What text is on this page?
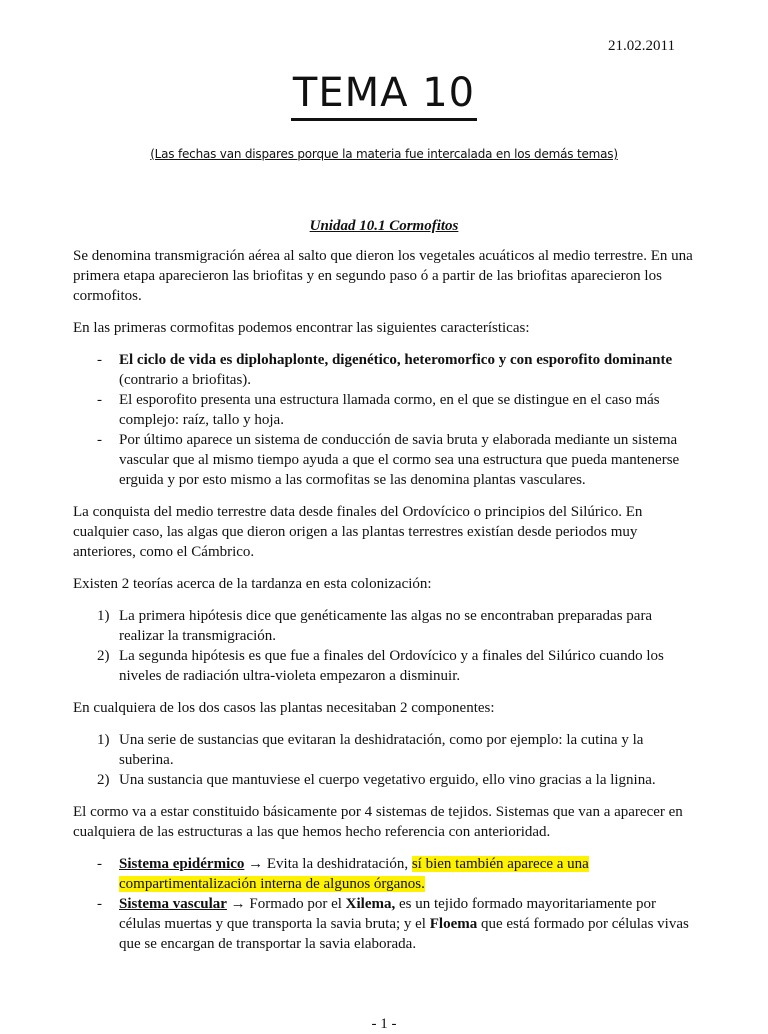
21.02.2011
TEMA 10
(Las fechas van dispares porque la materia fue intercalada en los demás temas)
Unidad 10.1 Cormofitos

Se denomina transmigración aérea al salto que dieron los vegetales acuáticos al medio terrestre. En una primera etapa aparecieron las briofitas y en segundo paso ó a partir de las briofitas aparecieron los cormofitos.

En las primeras cormofitas podemos encontrar las siguientes características:

- El ciclo de vida es diplohaplonte, digenético, heteromorfico y con esporofito dominante (contrario a briofitas).
- El esporofito presenta una estructura llamada cormo, en el que se distingue en el caso más complejo: raíz, tallo y hoja.
- Por último aparece un sistema de conducción de savia bruta y elaborada mediante un sistema vascular que al mismo tiempo ayuda a que el cormo sea una estructura que pueda mantenerse erguida y por esto mismo a las cormofitas se las denomina plantas vasculares.

La conquista del medio terrestre data desde finales del Ordovícico o principios del Silúrico. En cualquier caso, las algas que dieron origen a las plantas terrestres existían desde periodos muy anteriores, como el Cámbrico.

Existen 2 teorías acerca de la tardanza en esta colonización:

1) La primera hipótesis dice que genéticamente las algas no se encontraban preparadas para realizar la transmigración.
2) La segunda hipótesis es que fue a finales del Ordovícico y a finales del Silúrico cuando los niveles de radiación ultra-violeta empezaron a disminuir.

En cualquiera de los dos casos las plantas necesitaban 2 componentes:

1) Una serie de sustancias que evitaran la deshidratación, como por ejemplo: la cutina y la suberina.
2) Una sustancia que mantuviese el cuerpo vegetativo erguido, ello vino gracias a la lignina.

El cormo va a estar constituido básicamente por 4 sistemas de tejidos. Sistemas que van a aparecer en cualquiera de las estructuras a las que hemos hecho referencia con anterioridad.

- Sistema epidérmico → Evita la deshidratación, sí bien también aparece a una compartimentalización interna de algunos órganos.
- Sistema vascular → Formado por el Xilema, es un tejido formado mayoritariamente por células muertas y que transporta la savia bruta; y el Floema que está formado por células vivas que se encargan de transportar la savia elaborada.
- 1 -
